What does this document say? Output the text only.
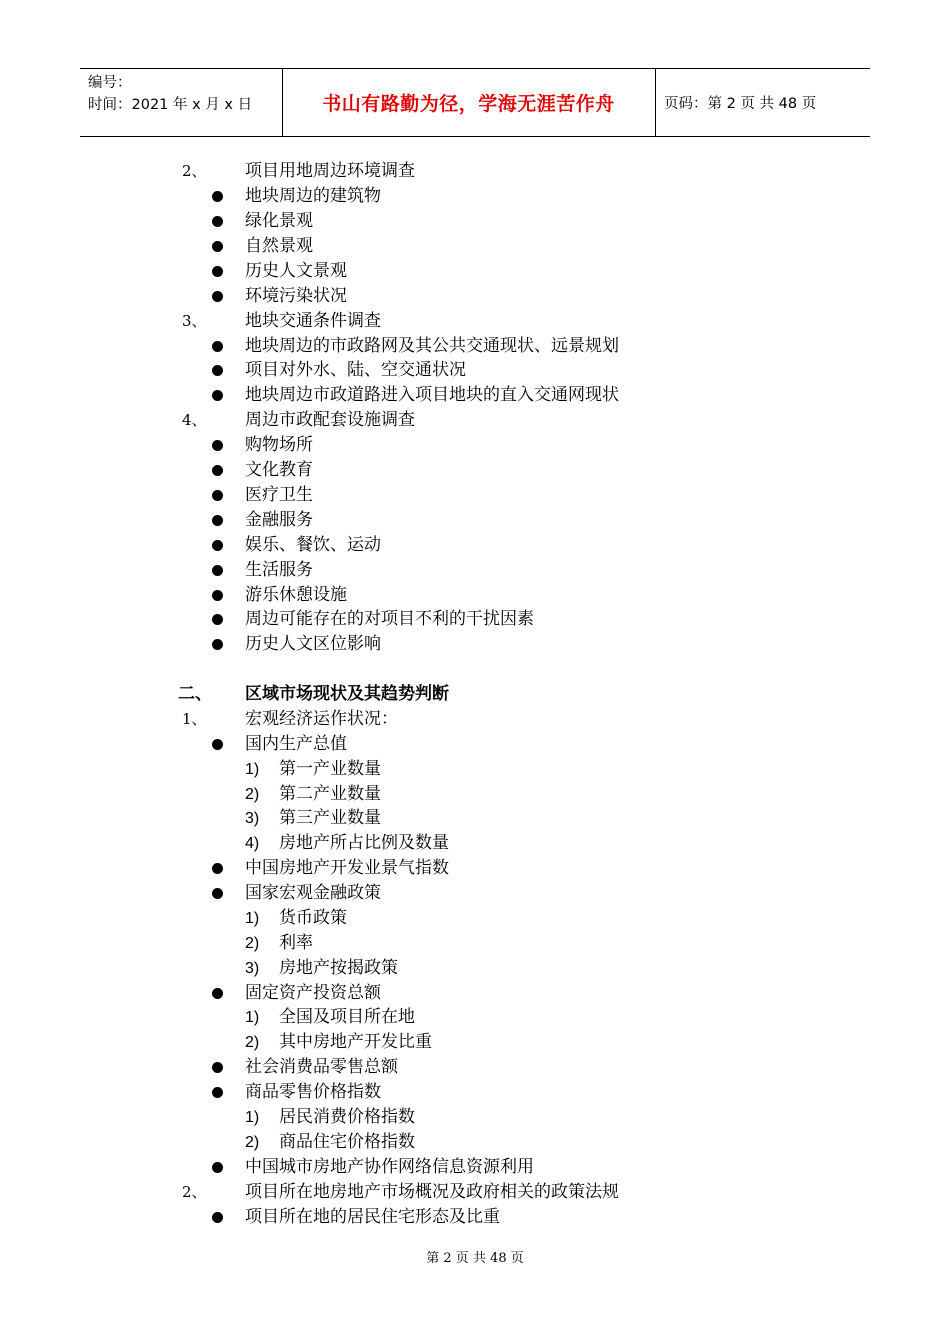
编号：
时间：2021 年 x 月 x 日	书山有路勤为径，学海无涯苦作舟	页码：第 2 页 共 48 页
2、 项目用地周边环境调查
地块周边的建筑物
绿化景观
自然景观
历史人文景观
环境污染状况
3、 地块交通条件调查
地块周边的市政路网及其公共交通现状、远景规划
项目对外水、陆、空交通状况
地块周边市政道路进入项目地块的直入交通网现状
4、 周边市政配套设施调查
购物场所
文化教育
医疗卫生
金融服务
娱乐、餐饮、运动
生活服务
游乐休憩设施
周边可能存在的对项目不利的干扰因素
历史人文区位影响
二、 区域市场现状及其趋势判断
1、 宏观经济运作状况：
国内生产总值
1) 第一产业数量
2) 第二产业数量
3) 第三产业数量
4) 房地产所占比例及数量
中国房地产开发业景气指数
国家宏观金融政策
1) 货币政策
2) 利率
3) 房地产按揭政策
固定资产投资总额
1) 全国及项目所在地
2) 其中房地产开发比重
社会消费品零售总额
商品零售价格指数
1) 居民消费价格指数
2) 商品住宅价格指数
中国城市房地产协作网络信息资源利用
2、 项目所在地房地产市场概况及政府相关的政策法规
项目所在地的居民住宅形态及比重
第 2 页 共 48 页
